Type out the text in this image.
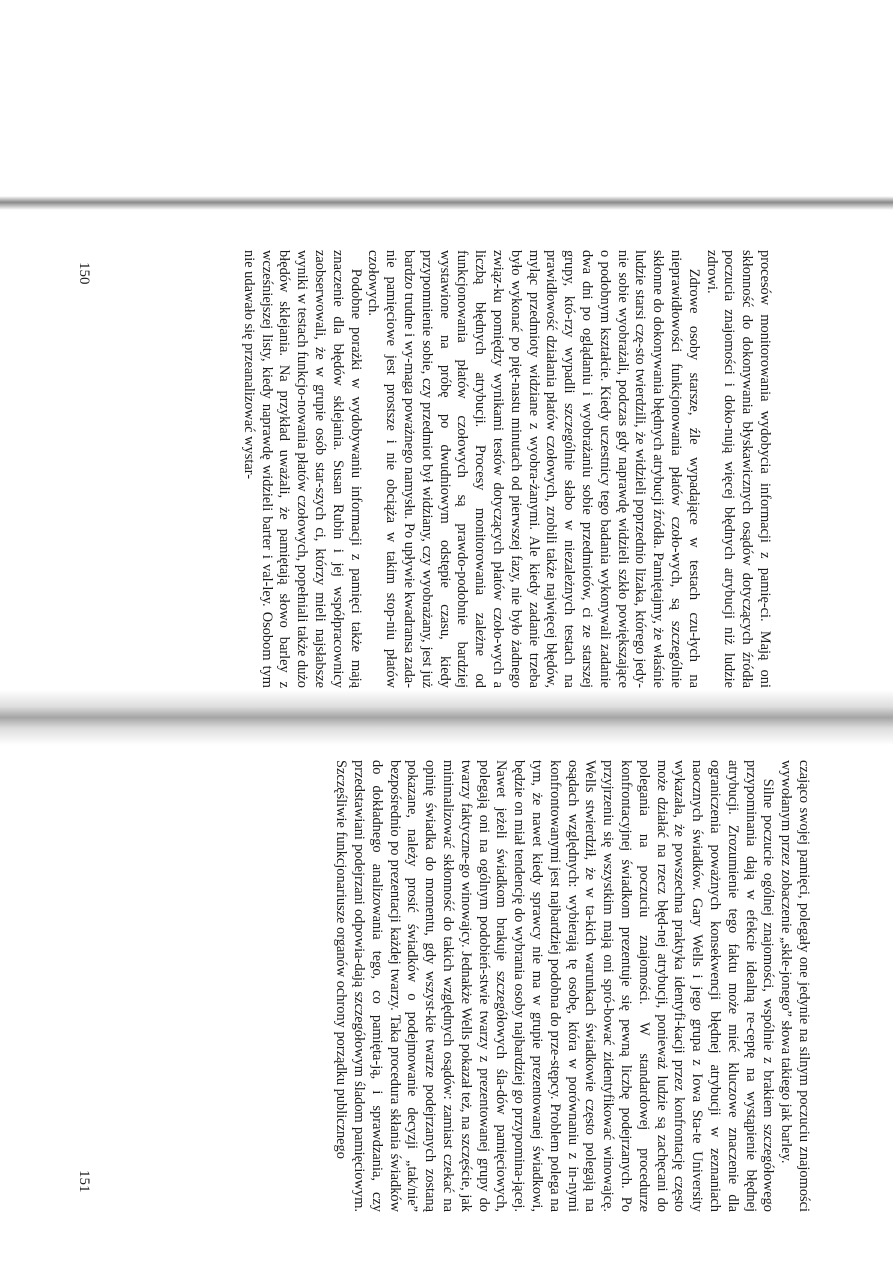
procesów monitorowania wydobycia informacji z pamię-ci. Mają oni skłonność do dokonywania błyskawicznych osądów dotyczących źródła poczucia znajomości i doko-nują więcej błędnych atrybucji niż ludzie zdrowi.

Zdrowe osoby starsze, źle wypadające w testach czu-łych na nieprawidłowości funkcjonowania płatów czoło-wych, są szczególnie skłonne do dokonywania błędnych atrybucji źródła. Pamiętajmy, że właśnie ludzie starsi czę-sto twierdzili, że widzieli poprzednio lizaka, którego jedy-nie sobie wyobrażali, podczas gdy naprawdę widzieli szkło powiększające o podobnym kształcie. Kiedy uczestnicy tego badania wykonywali zadanie dwa dni po oglądaniu i wyobrażaniu sobie przedmiotów, ci ze starszej grupy, któ-rzy wypadli szczególnie słabo w niezależnych testach na prawidłowość działania płatów czołowych, zrobili także najwięcej błędów, myląc przedmioty widziane z wyobra-żanymi. Ale kiedy zadanie trzeba było wykonać po pięt-nastu minutach od pierwszej fazy, nie było żadnego związ-ku pomiędzy wynikami testów dotyczących płatów czoło-wych a liczbą błędnych atrybucji. Procesy monitorowania zależne od funkcjonowania płatów czołowych są prawdo-podobnie bardziej wystawione na próbę po dwudniowym odstępie czasu, kiedy przypomnienie sobie, czy przedmiot był widziany, czy wyobrażany, jest już bardzo trudne i wy-maga poważnego namysłu. Po upływie kwadransa zada-nie pamięciowe jest prostsze i nie obciąża w takim stop-niu płatów czołowych.

Podobne porażki w wydobywaniu informacji z pamięci także mają znaczenie dla błędów sklejania. Susan Rubin i jej współpracownicy zaobserwowali, że w grupie osób star-szych ci, którzy mieli najsłabsze wyniki w testach funkcjo-nowania płatów czołowych, popełniali także dużo błędów sklejania. Na przykład uważali, że pamiętają słowo barley z wcześniejszej listy, kiedy naprawdę widzieli barter i val-ley. Osobom tym nie udawało się przeanalizować wystar-

150

czająco swojej pamięci, polegały one jedynie na silnym poczuciu znajomości wywołanym przez zobaczenie „skle-jonego” słowa takiego jak barley.

Silne poczucie ogólnej znajomości, wspólnie z brakiem szczegółowego przypominania dają w efekcie idealną re-ceptę na wystąpienie błędnej atrybucji. Zrozumienie tego faktu może mieć kluczowe znaczenie dla ograniczenia poważnych konsekwencji błędnej atrybucji w zeznaniach naocznych świadków. Gary Wells i jego grupa z Iowa Sta-te University wykazała, że powszechna praktyka identyfi-kacji przez konfrontację często może działać na rzecz błęd-nej atrybucji, ponieważ ludzie są zachęcani do polegania na poczuciu znajomości. W standardowej procedurze konfrontacyjnej świadkom prezentuje się pewną liczbę podejrzanych. Po przyjrzeniu się wszystkim mają oni spró-bować zidentyfikować winowajcę. Wells stwierdził, że w ta-kich warunkach świadkowie często polegają na osądach względnych: wybierają tę osobę, która w porównaniu z in-nymi konfrontowanymi jest najbardziej podobna do prze-stępcy. Problem polega na tym, że nawet kiedy sprawcy nie ma w grupie prezentowanej świadkowi, będzie on miał tendencję do wybrania osoby najbardziej go przypomina-jącej. Nawet jeżeli świadkom brakuje szczegółowych śla-dów pamięciowych, polegają oni na ogólnym podobień-stwie twarzy z prezentowanej grupy do twarzy faktyczne-go winowajcy. Jednakże Wells pokazał też, na szczęście, jak minimalizować skłonność do takich względnych osądów: zamiast czekać na opinię świadka do momentu, gdy wszyst-kie twarze podejrzanych zostaną pokazane, należy prosić świadków o podejmowanie decyzji „tak/nie” bezpośrednio po prezentacji każdej twarzy. Taka procedura skłania świadków do dokładnego analizowania tego, co pamięta-ją, i sprawdzania, czy przedstawiani podejrzani odpowia-dają szczegółowym śladom pamięciowym. Szczęśliwie funkcjonariusze organów ochrony porządku publicznego

151
